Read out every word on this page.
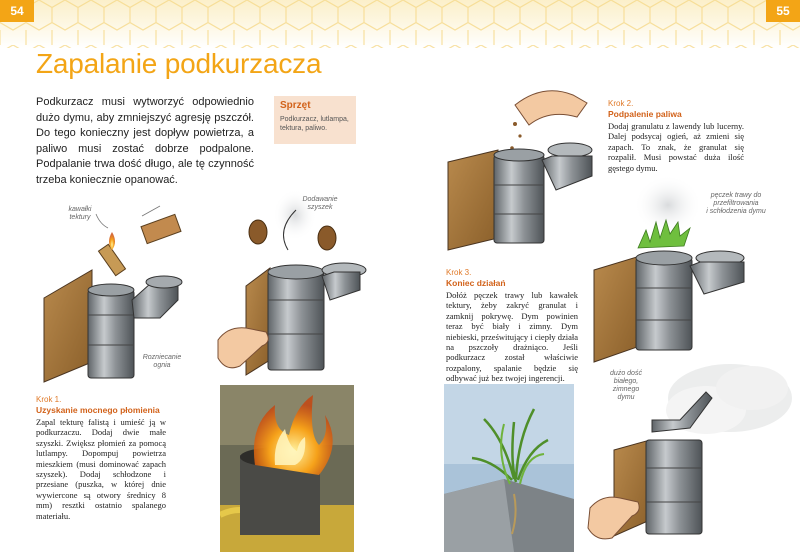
54	55
Zapalanie podkurzacza
Podkurzacz musi wytworzyć odpowiednio dużo dymu, aby zmniejszyć agresję pszczół. Do tego konieczny jest dopływ powietrza, a paliwo musi zostać dobrze podpalone. Podpalanie trwa dość długo, ale tę czynność trzeba koniecznie opanować.
Sprzęt
Podkurzacz, lutlampa, tektura, paliwo.
kawałki
tektury
Dodawanie
szyszek
Rozniecanie
ognia
pęczek trawy do
przefiltrowania
i schłodzenia dymu
dużo dość
białego,
zimnego
dymu
Krok 1.
Uzyskanie mocnego płomienia
Zapal tekturę falistą i umieść ją w podkurzaczu. Dodaj dwie małe szyszki. Zwiększ płomień za pomocą lutlampy. Dopompuj powietrza mieszkiem (musi dominować zapach szyszek). Dodaj schłodzone i przesiane (puszka, w której dnie wywiercone są otwory średnicy 8 mm) resztki ostatnio spalanego materiału.
Krok 2.
Podpalenie paliwa
Dodaj granulatu z lawendy lub lucerny. Dalej podsycaj ogień, aż zmieni się zapach. To znak, że granulat się rozpalił. Musi powstać duża ilość gęstego dymu.
Krok 3.
Koniec działań
Dołóż pęczek trawy lub kawałek tektury, żeby zakryć granulat i zamknij pokrywę. Dym powinien teraz być biały i zimny. Dym niebieski, prześwitujący i ciepły działa na pszczoły drażniąco. Jeśli podkurzacz został właściwie rozpalony, spalanie będzie się odbywać już bez twojej ingerencji.
